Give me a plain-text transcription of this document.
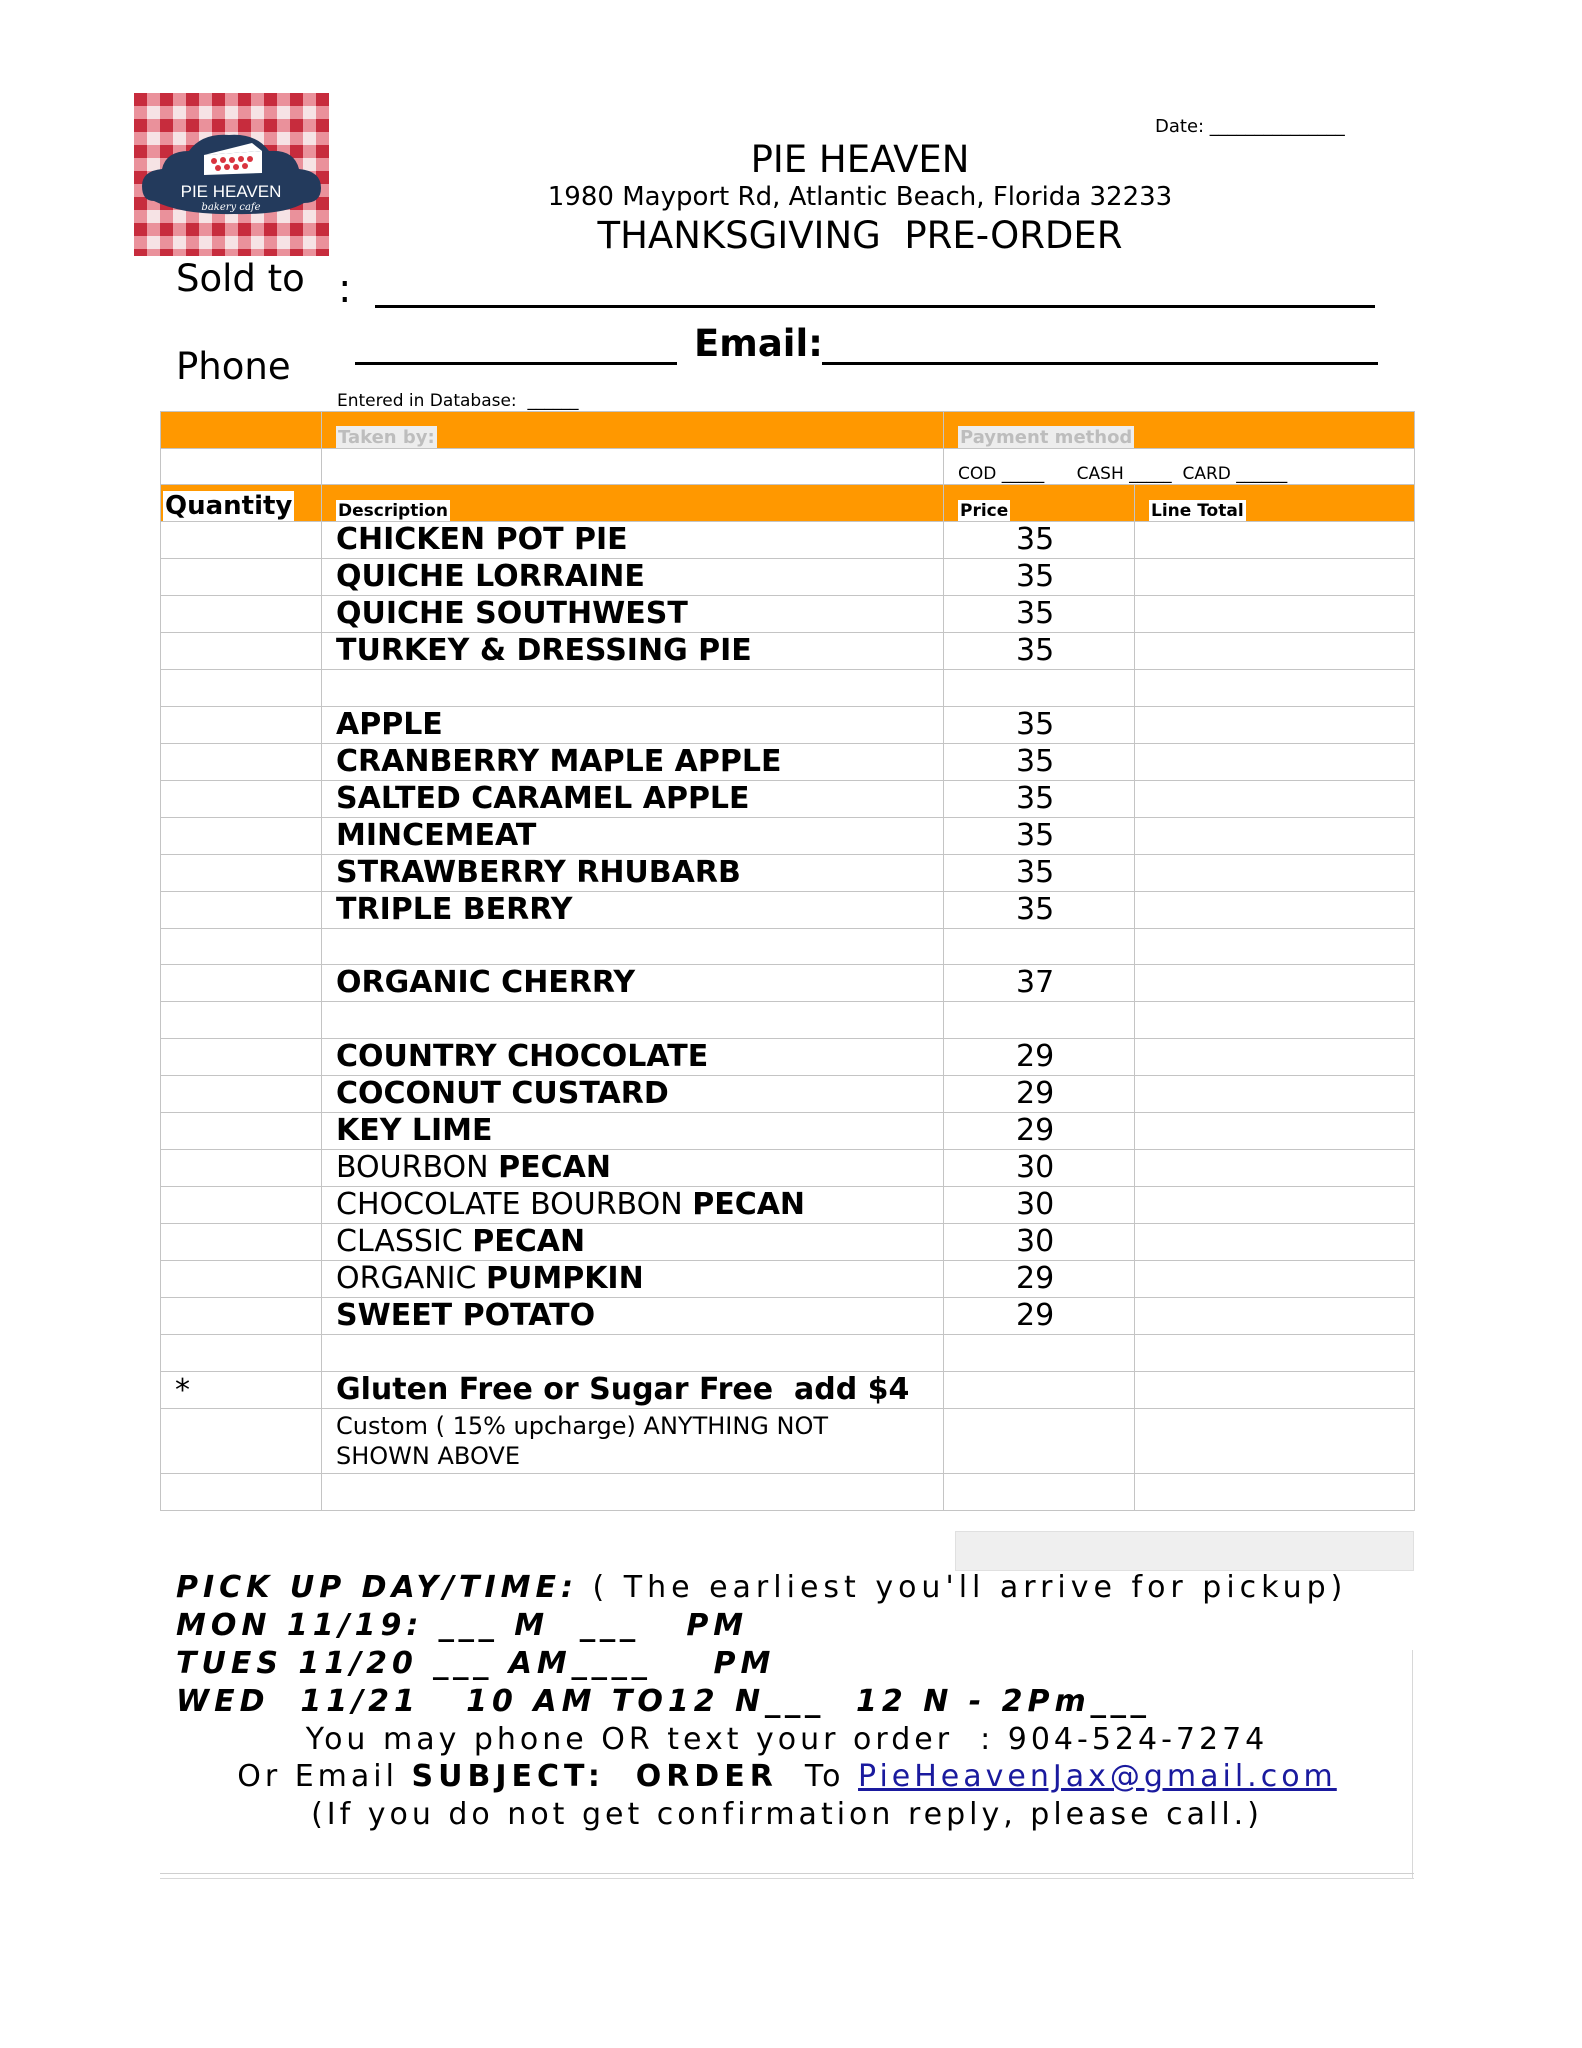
PIE HEAVEN
bakery cafe
Date: _______________
PIE HEAVEN
1980 Mayport Rd, Atlantic Beach, Florida 32233
THANKSGIVING  PRE-ORDER
Sold to :
Phone
Email:
Entered in Database:  ______
	Taken by:	Payment method	
		COD _____      CASH _____  CARD ______	
Quantity	Description	Price	Line Total
	CHICKEN POT PIE	35	
	QUICHE LORRAINE	35	
	QUICHE SOUTHWEST	35	
	TURKEY & DRESSING PIE	35	

	APPLE	35	
	CRANBERRY MAPLE APPLE	35	
	SALTED CARAMEL APPLE	35	
	MINCEMEAT	35	
	STRAWBERRY RHUBARB	35	
	TRIPLE BERRY	35	

	ORGANIC CHERRY	37	

	COUNTRY CHOCOLATE	29	
	COCONUT CUSTARD	29	
	KEY LIME	29	
	BOURBON PECAN	30	
	CHOCOLATE BOURBON PECAN	30	
	CLASSIC PECAN	30	
	ORGANIC PUMPKIN	29	
	SWEET POTATO	29	

*	Gluten Free or Sugar Free  add $4		

	Custom ( 15% upcharge) ANYTHING NOT
SHOWN ABOVE		

PICK UP DAY/TIME: ( The earliest you'll arrive for pickup)
MON 11/19: ___ M  ___   PM
TUES 11/20 ___ AM____    PM
WED  11/21   10 AM TO12 N___  12 N - 2Pm___
You may phone OR text your order  : 904-524-7274
Or Email SUBJECT:  ORDER  To PieHeavenJax@gmail.com
(If you do not get confirmation reply, please call.)
